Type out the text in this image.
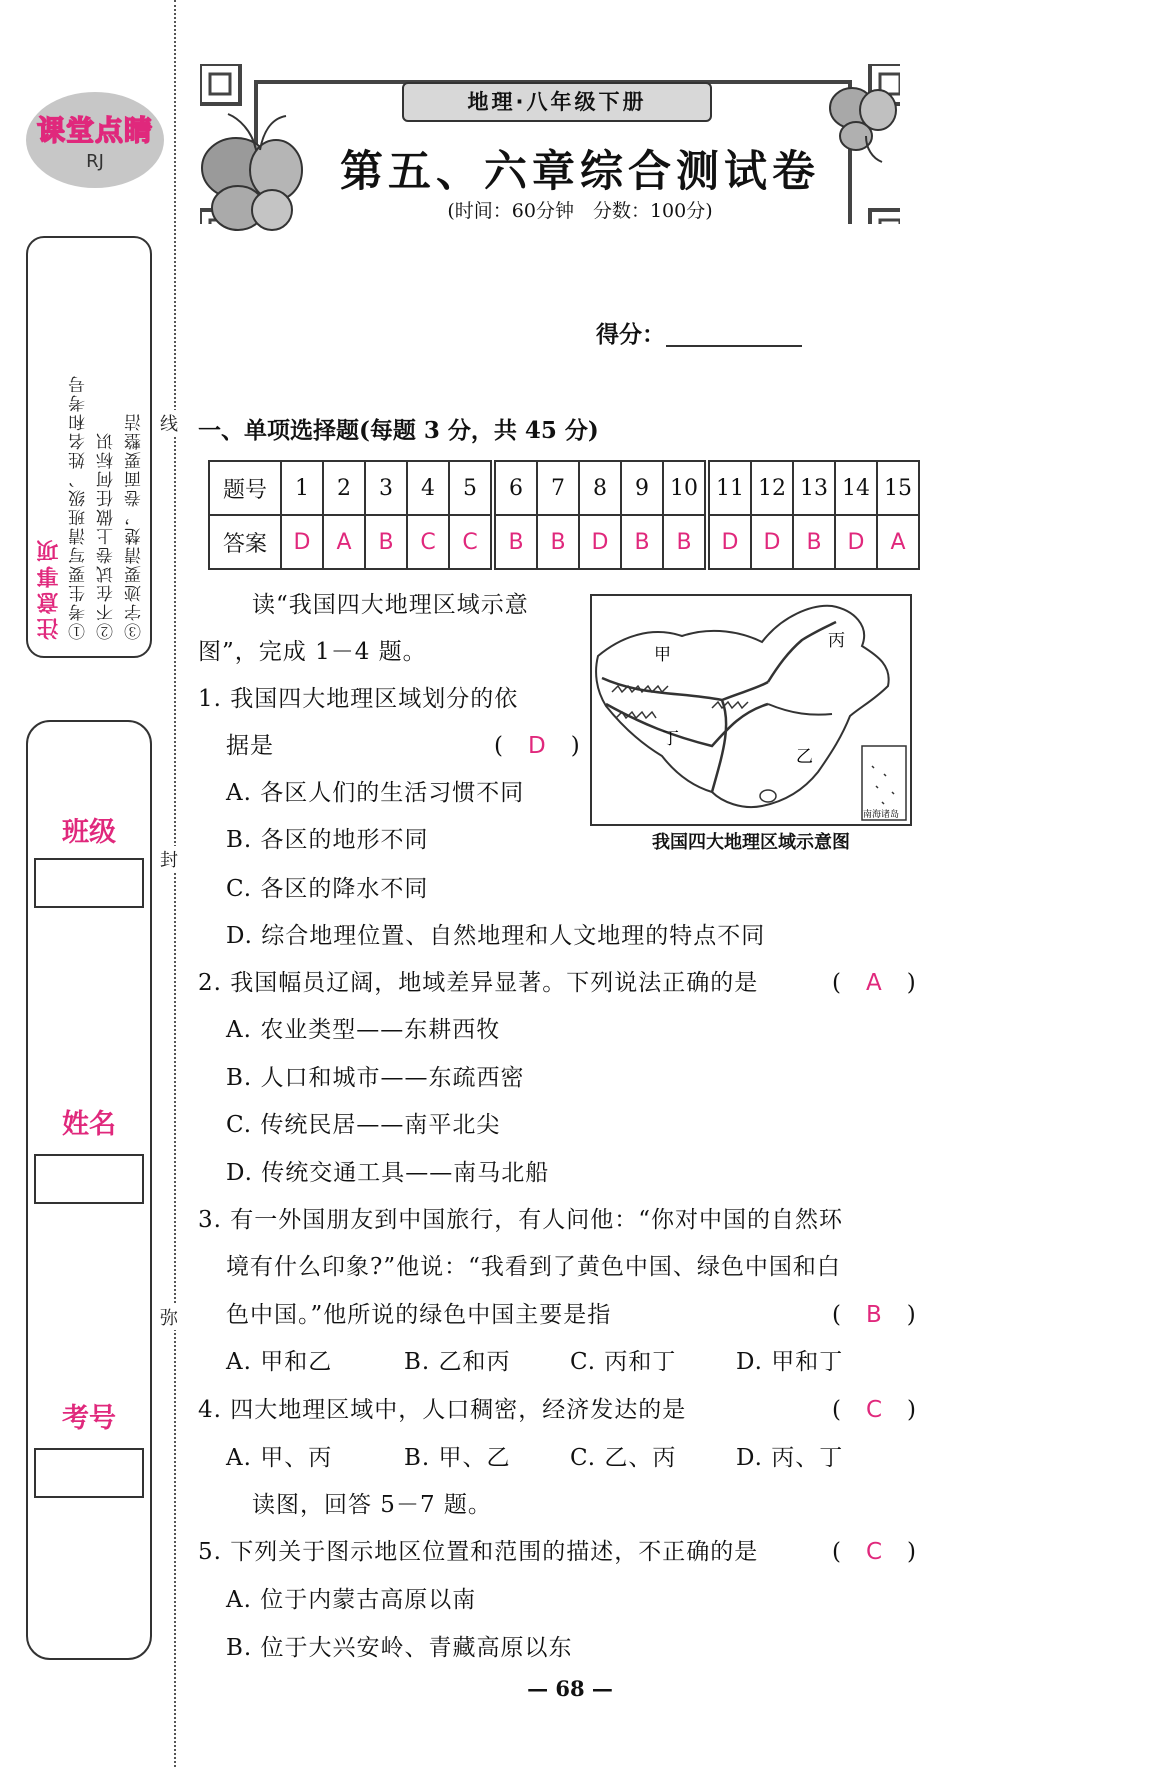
课堂点睛
RJ
注意事项 ①考生要写清班级、姓名和考号 ②不在试卷上做任何标识 ③字迹要清楚，卷面要整洁
班级
姓名
考号
线
封
弥
地理·八年级下册
第五、六章综合测试卷
(时间：60分钟　分数：100分)
得分：
一、单项选择题(每题 3 分，共 45 分)
题号	1	2	3	4	5	6	7	8	9	10	11	12	13	14	15
答案	D	A	B	C	C	B	B	D	B	B	D	D	B	D	A
甲
丙
丁
乙
南海诸岛
我国四大地理区域示意图
读“我国四大地理区域示意
图”，完成 1－4 题。
1. 我国四大地理区域划分的依
据是	(　D　)
A. 各区人们的生活习惯不同
B. 各区的地形不同
C. 各区的降水不同
D. 综合地理位置、自然地理和人文地理的特点不同
2. 我国幅员辽阔，地域差异显著。下列说法正确的是	(　A　)
A. 农业类型——东耕西牧
B. 人口和城市——东疏西密
C. 传统民居——南平北尖
D. 传统交通工具——南马北船
3. 有一外国朋友到中国旅行，有人问他：“你对中国的自然环
境有什么印象?”他说：“我看到了黄色中国、绿色中国和白
色中国。”他所说的绿色中国主要是指	(　B　)
A. 甲和乙	B. 乙和丙	C. 丙和丁	D. 甲和丁
4. 四大地理区域中，人口稠密，经济发达的是	(　C　)
A. 甲、丙	B. 甲、乙	C. 乙、丙	D. 丙、丁
读图，回答 5－7 题。
5. 下列关于图示地区位置和范围的描述，不正确的是	(　C　)
A. 位于内蒙古高原以南
B. 位于大兴安岭、青藏高原以东
— 68 —
